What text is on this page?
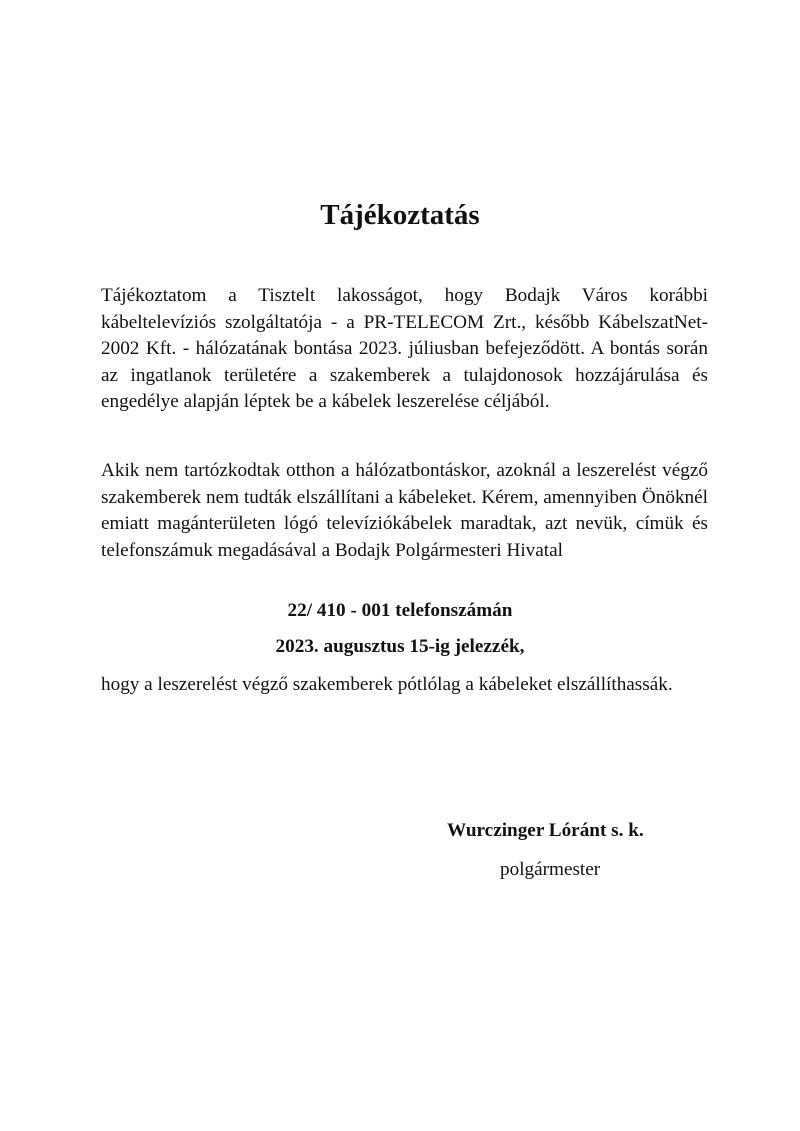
Tájékoztatás

Tájékoztatom a Tisztelt lakosságot, hogy Bodajk Város korábbi kábeltelevíziós szolgáltatója - a PR-TELECOM Zrt., később KábelszatNet-2002 Kft. - hálózatának bontása 2023. júliusban befejeződött. A bontás során az ingatlanok területére a szakemberek a tulajdonosok hozzájárulása és engedélye alapján léptek be a kábelek leszerelése céljából.

Akik nem tartózkodtak otthon a hálózatbontáskor, azoknál a leszerelést végző szakemberek nem tudták elszállítani a kábeleket. Kérem, amennyiben Önöknél emiatt magánterületen lógó televíziókábelek maradtak, azt nevük, címük és telefonszámuk megadásával a Bodajk Polgármesteri Hivatal

22/ 410 - 001 telefonszámán
2023. augusztus 15-ig jelezzék,

hogy a leszerelést végző szakemberek pótlólag a kábeleket elszállíthassák.

Wurczinger Lóránt s. k.
polgármester
